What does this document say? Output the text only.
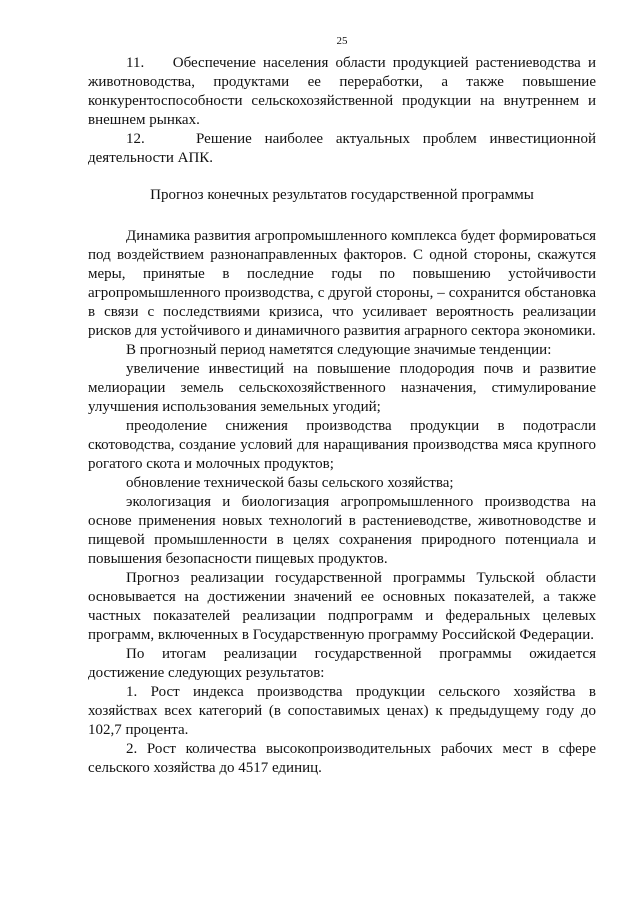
25

11.    Обеспечение населения области продукцией растениеводства и животноводства, продуктами ее переработки, а также повышение конкурентоспособности сельскохозяйственной продукции на внутреннем и внешнем рынках.

12.    Решение наиболее актуальных проблем инвестиционной деятельности АПК.

Прогноз конечных результатов государственной программы

Динамика развития агропромышленного комплекса будет формироваться под воздействием разнонаправленных факторов. С одной стороны, скажутся меры, принятые в последние годы по повышению устойчивости агропромышленного производства, с другой стороны, – сохранится обстановка в связи с последствиями кризиса, что усиливает вероятность реализации рисков для устойчивого и динамичного развития аграрного сектора экономики.

В прогнозный период наметятся следующие значимые тенденции:

увеличение инвестиций на повышение плодородия почв и развитие мелиорации земель сельскохозяйственного назначения, стимулирование улучшения использования земельных угодий;

преодоление снижения производства продукции в подотрасли скотоводства, создание условий для наращивания производства мяса крупного рогатого скота и молочных продуктов;

обновление технической базы сельского хозяйства;

экологизация и биологизация агропромышленного производства на основе применения новых технологий в растениеводстве, животноводстве и пищевой промышленности в целях сохранения природного потенциала и повышения безопасности пищевых продуктов.

Прогноз реализации государственной программы Тульской области основывается на достижении значений ее основных показателей, а также частных показателей реализации подпрограмм и федеральных целевых программ, включенных в Государственную программу Российской Федерации.

По итогам реализации государственной программы ожидается достижение следующих результатов:

1. Рост индекса производства продукции сельского хозяйства в хозяйствах всех категорий (в сопоставимых ценах) к предыдущему году до 102,7 процента.

2. Рост количества высокопроизводительных рабочих мест в сфере сельского хозяйства до 4517 единиц.
